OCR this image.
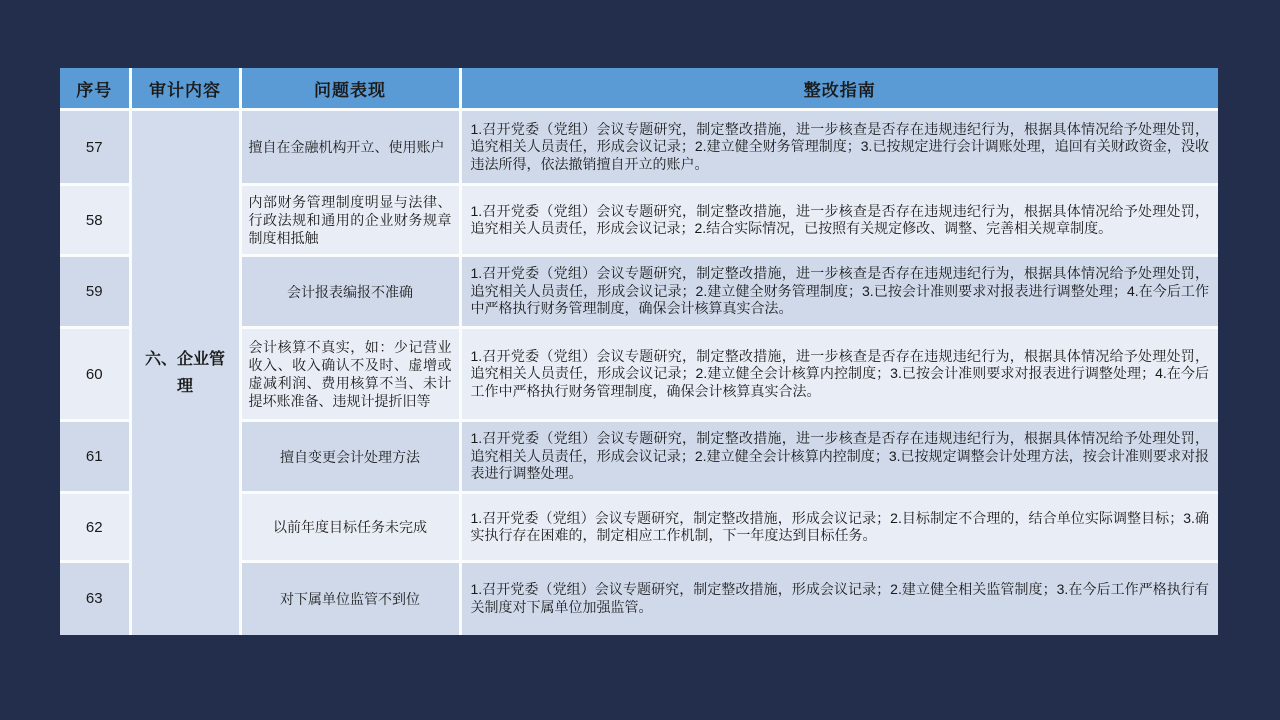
序号	审计内容	问题表现	整改指南
57	六、企业管理	擅自在金融机构开立、使用账户	1.召开党委（党组）会议专题研究，制定整改措施，进一步核查是否存在违规违纪行为，根据具体情况给予处理处罚，追究相关人员责任，形成会议记录；2.建立健全财务管理制度；3.已按规定进行会计调账处理，追回有关财政资金，没收违法所得，依法撤销擅自开立的账户。
58		内部财务管理制度明显与法律、行政法规和通用的企业财务规章制度相抵触	1.召开党委（党组）会议专题研究，制定整改措施，进一步核查是否存在违规违纪行为，根据具体情况给予处理处罚，追究相关人员责任，形成会议记录；2.结合实际情况，已按照有关规定修改、调整、完善相关规章制度。
59		会计报表编报不准确	1.召开党委（党组）会议专题研究，制定整改措施，进一步核查是否存在违规违纪行为，根据具体情况给予处理处罚，追究相关人员责任，形成会议记录；2.建立健全财务管理制度；3.已按会计准则要求对报表进行调整处理；4.在今后工作中严格执行财务管理制度，确保会计核算真实合法。
60		会计核算不真实，如：少记营业收入、收入确认不及时、虚增或虚减利润、费用核算不当、未计提坏账准备、违规计提折旧等	1.召开党委（党组）会议专题研究，制定整改措施，进一步核查是否存在违规违纪行为，根据具体情况给予处理处罚，追究相关人员责任，形成会议记录；2.建立健全会计核算内控制度；3.已按会计准则要求对报表进行调整处理；4.在今后工作中严格执行财务管理制度，确保会计核算真实合法。
61		擅自变更会计处理方法	1.召开党委（党组）会议专题研究，制定整改措施，进一步核查是否存在违规违纪行为，根据具体情况给予处理处罚，追究相关人员责任，形成会议记录；2.建立健全会计核算内控制度；3.已按规定调整会计处理方法，按会计准则要求对报表进行调整处理。
62		以前年度目标任务未完成	1.召开党委（党组）会议专题研究，制定整改措施，形成会议记录；2.目标制定不合理的，结合单位实际调整目标；3.确实执行存在困难的，制定相应工作机制，下一年度达到目标任务。
63		对下属单位监管不到位	1.召开党委（党组）会议专题研究，制定整改措施，形成会议记录；2.建立健全相关监管制度；3.在今后工作严格执行有关制度对下属单位加强监管。
